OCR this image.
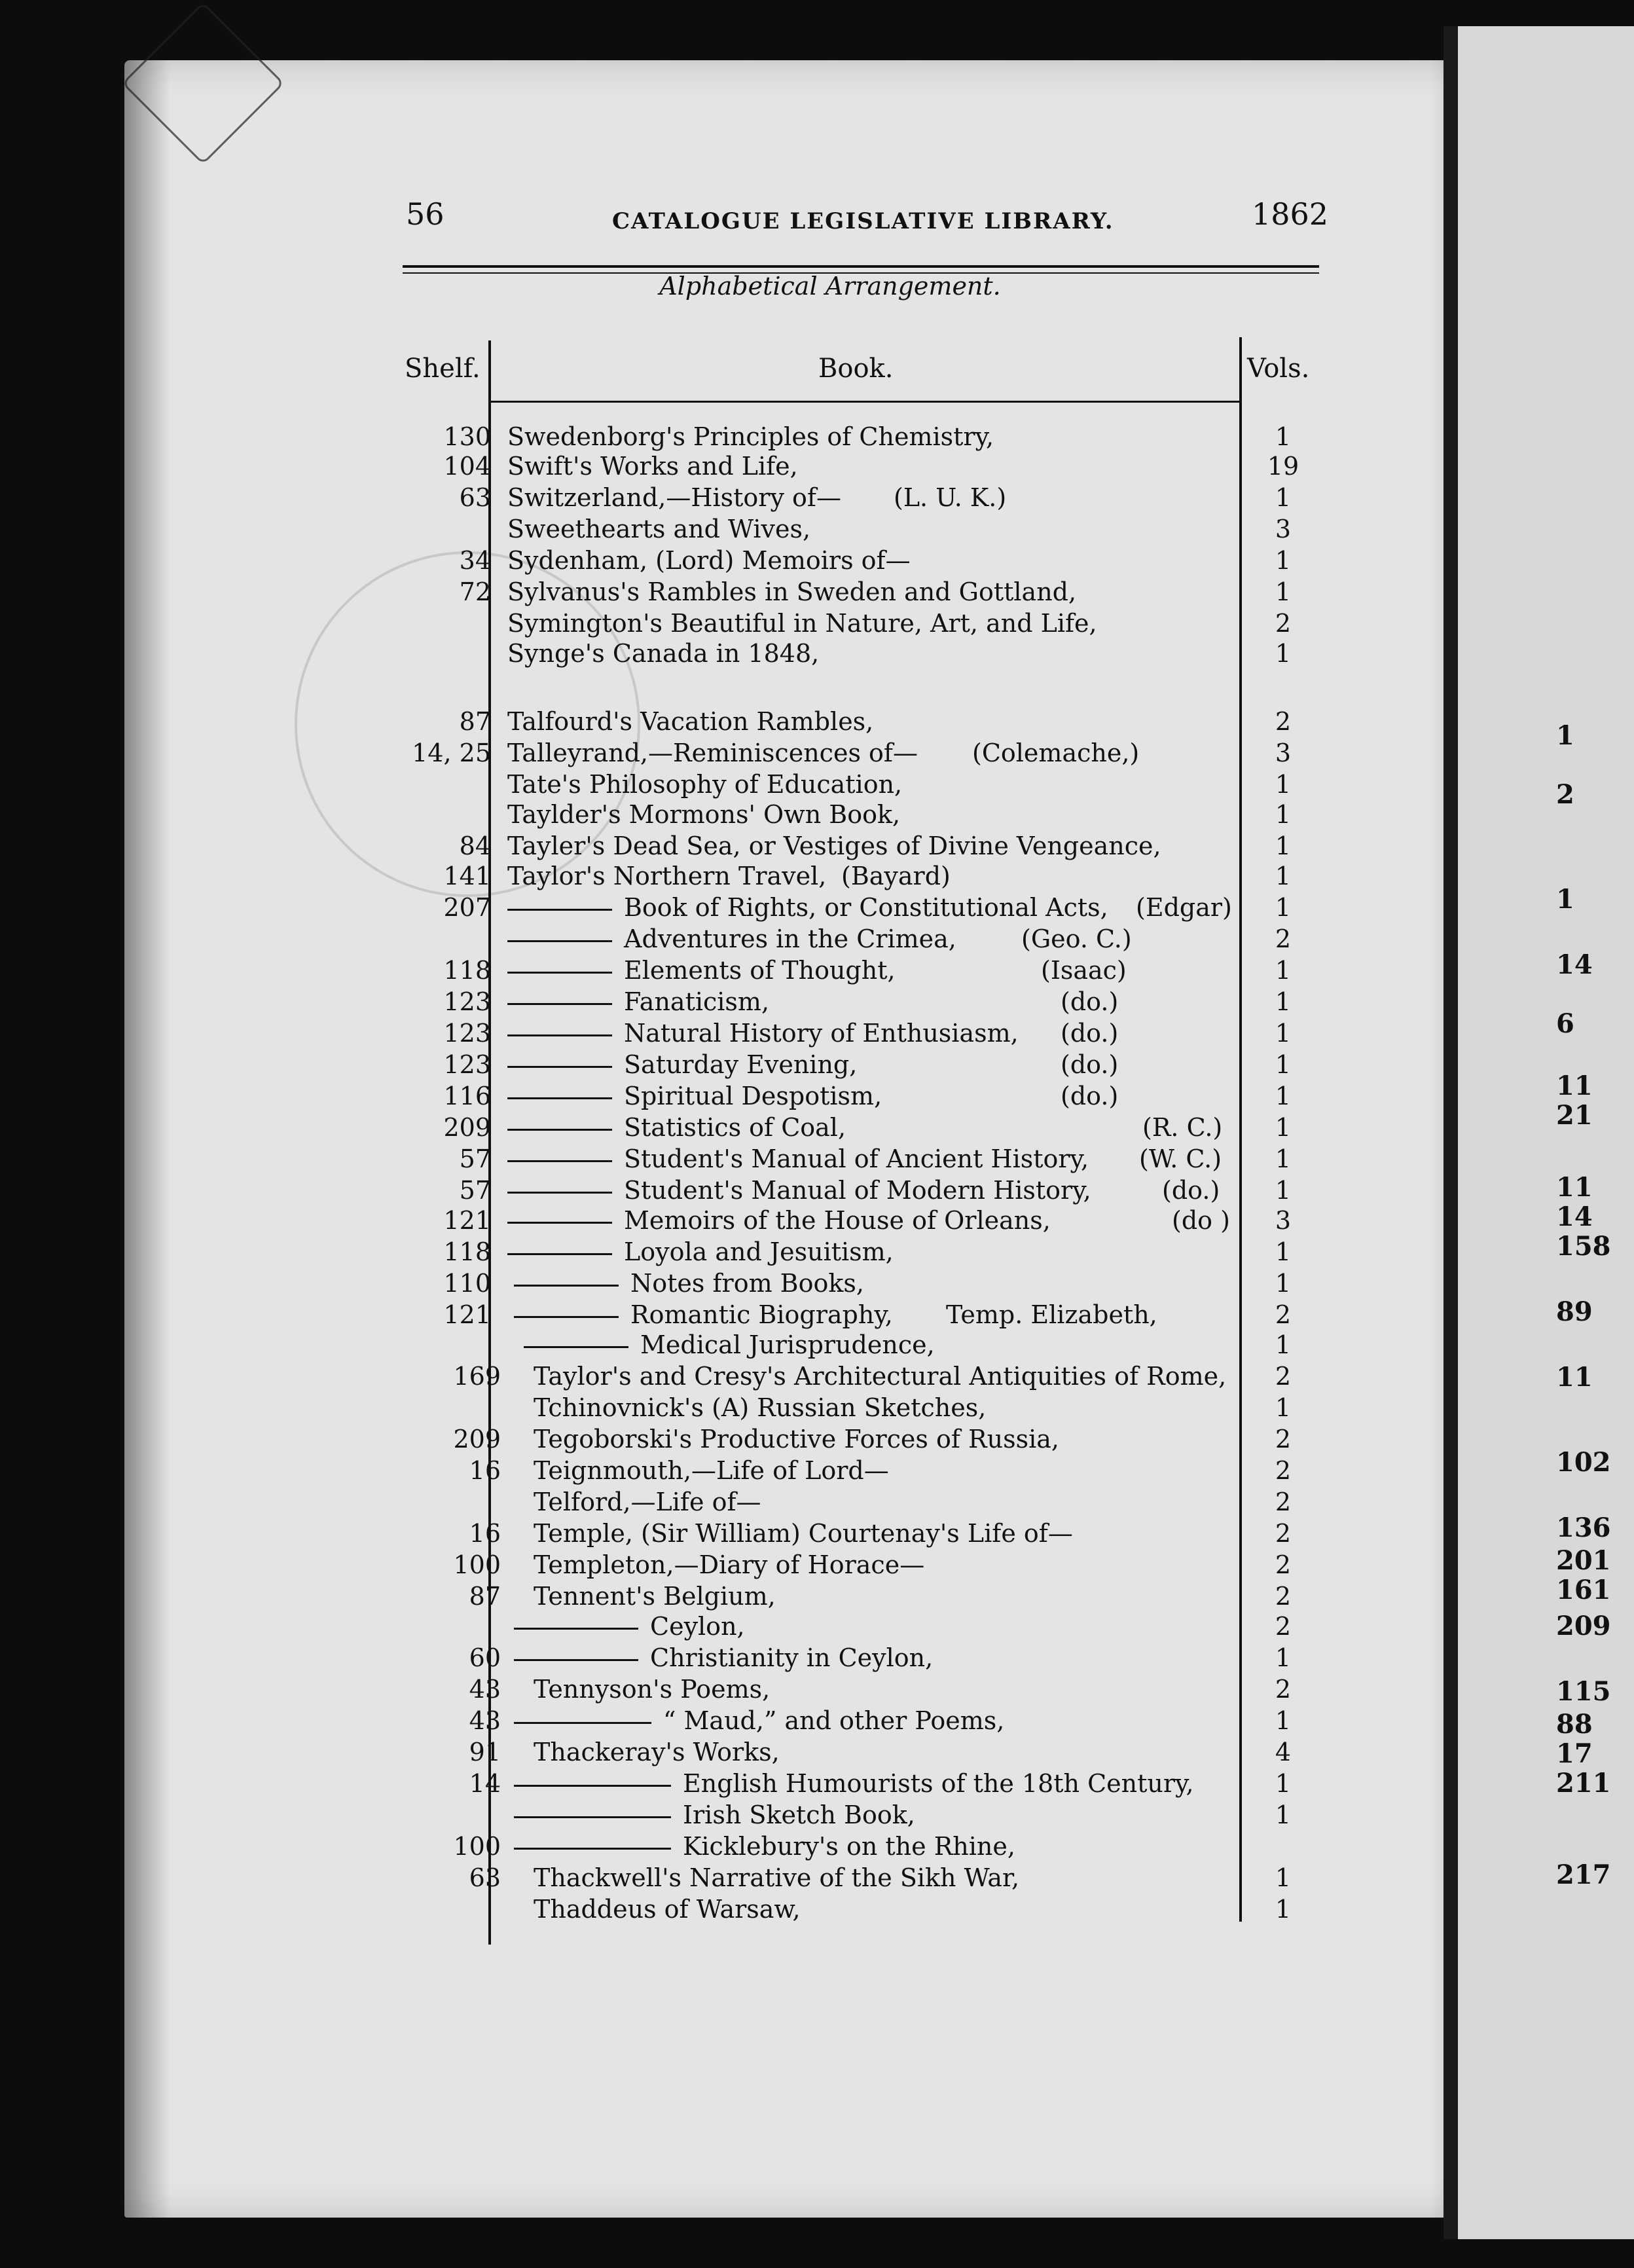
1
2
1
14
6
11
21
11
14
158
89
11
102
136
201
161
209
115
88
17
211
217
56	CATALOGUE LEGISLATIVE LIBRARY.	1862
Alphabetical Arrangement.
Shelf.	Book.	Vols.
130 Swedenborg's Principles of Chemistry,	1
104 Swift's Works and Life,	19
63 Switzerland,—History of— (L. U. K.)	1
Sweethearts and Wives,	3
34 Sydenham, (Lord) Memoirs of—	1
72 Sylvanus's Rambles in Sweden and Gottland,	1
Symington's Beautiful in Nature, Art, and Life,	2
Synge's Canada in 1848,	1
87 Talfourd's Vacation Rambles,	2
14, 25 Talleyrand,—Reminiscences of— (Colemache,)	3
Tate's Philosophy of Education,	1
Taylder's Mormons' Own Book,	1
84 Tayler's Dead Sea, or Vestiges of Divine Vengeance,	1
141 Taylor's Northern Travel, (Bayard)	1
207	Book of Rights, or Constitutional Acts, (Edgar)	1
Adventures in the Crimea,	(Geo. C.)	2
118	Elements of Thought,	(Isaac)	1
123	Fanaticism,	(do.)	1
123	Natural History of Enthusiasm, (do.)	1
123	Saturday Evening,	(do.)	1
116	Spiritual Despotism,	(do.)	1
209	Statistics of Coal,	(R. C.)	1
57	Student's Manual of Ancient History, (W. C.)	1
57	Student's Manual of Modern History,	(do.)	1
121	Memoirs of the House of Orleans,	(do )	3
118	Loyola and Jesuitism,	1
110	Notes from Books,	1
121	Romantic Biography, Temp. Elizabeth,	2
Medical Jurisprudence,	1
169 Taylor's and Cresy's Architectural Antiquities of Rome,	2
Tchinovnick's (A) Russian Sketches,	1
209 Tegoborski's Productive Forces of Russia,	2
16 Teignmouth,—Life of Lord—	2
Telford,—Life of—	2
16 Temple, (Sir William) Courtenay's Life of—	2
100 Templeton,—Diary of Horace—	2
87 Tennent's Belgium,	2
Ceylon,	2
60	Christianity in Ceylon,	1
43 Tennyson's Poems,	2
43	“ Maud,” and other Poems,	1
91 Thackeray's Works,	4
14	English Humourists of the 18th Century,	1
Irish Sketch Book,	1
100	Kicklebury's on the Rhine,
63 Thackwell's Narrative of the Sikh War,	1
Thaddeus of Warsaw,	1
